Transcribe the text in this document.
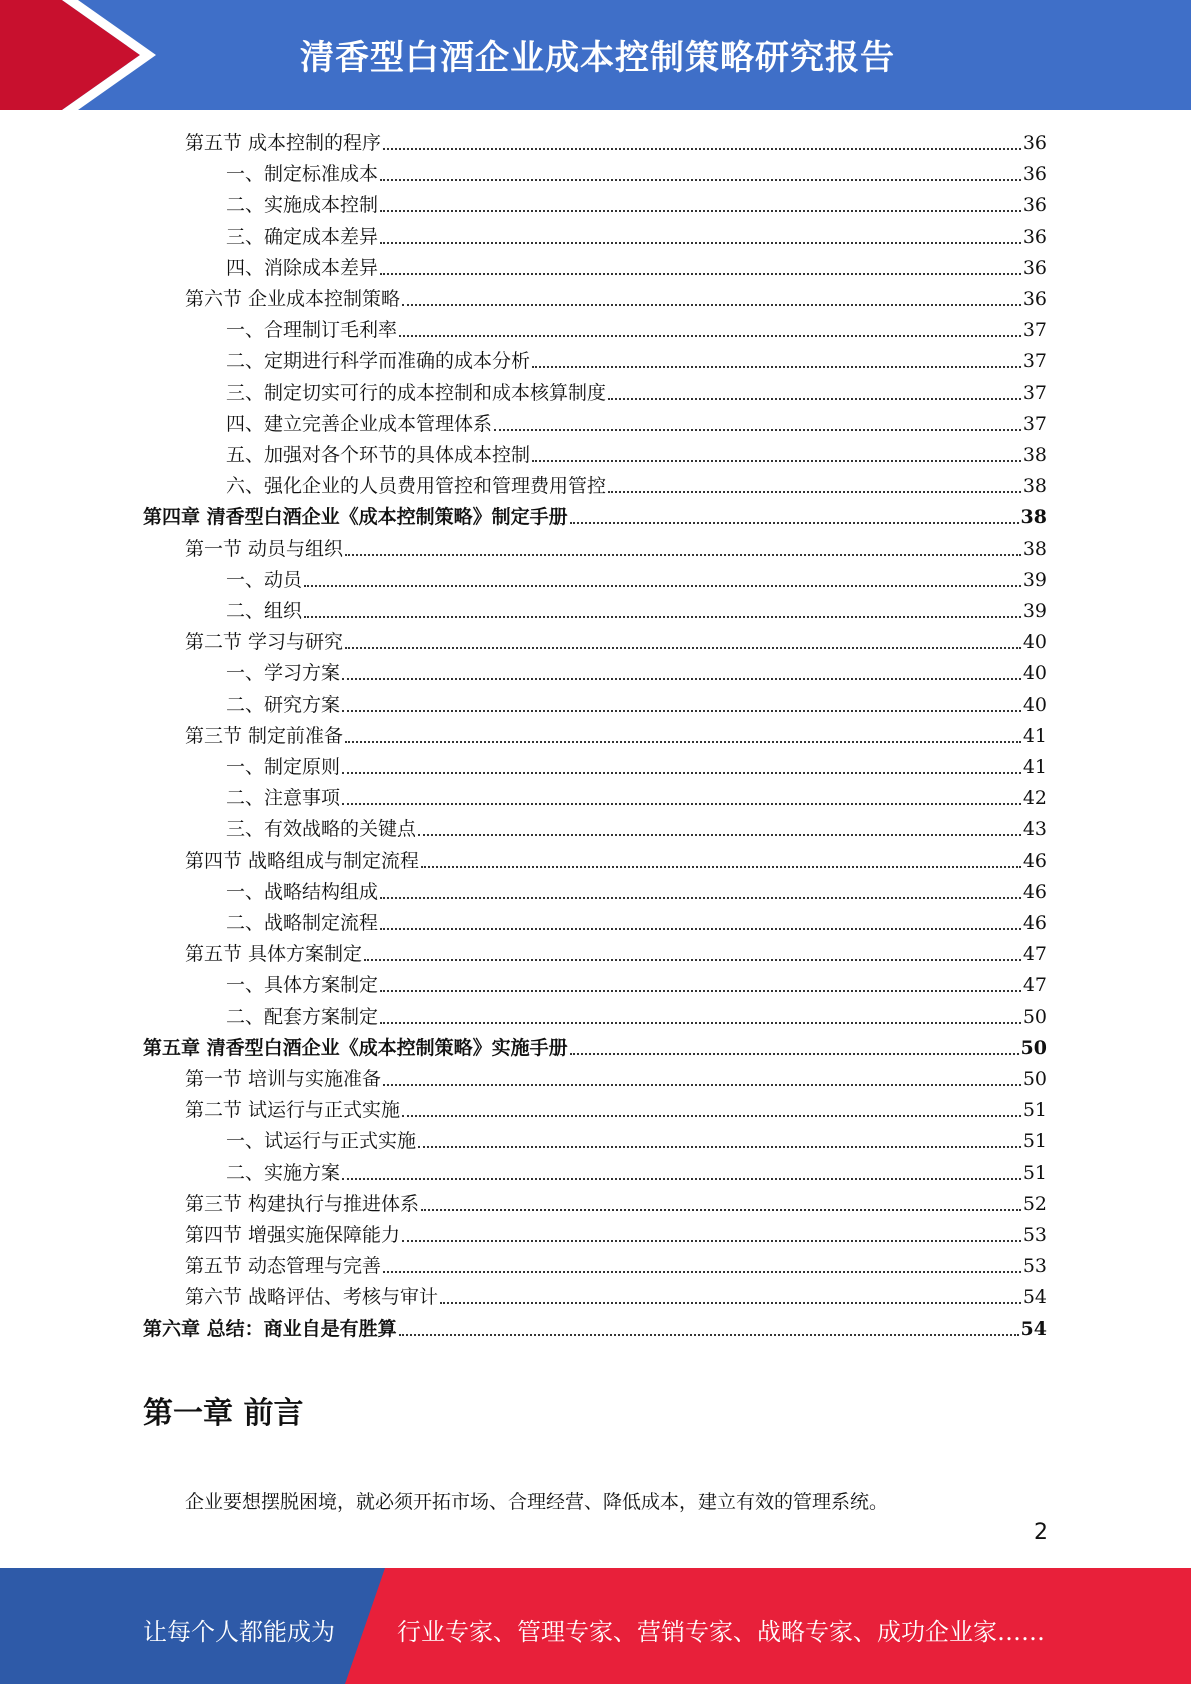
清香型白酒企业成本控制策略研究报告
第五节 成本控制的程序	36
一、制定标准成本	36
二、实施成本控制	36
三、确定成本差异	36
四、消除成本差异	36
第六节 企业成本控制策略	36
一、合理制订毛利率	37
二、定期进行科学而准确的成本分析	37
三、制定切实可行的成本控制和成本核算制度	37
四、建立完善企业成本管理体系	37
五、加强对各个环节的具体成本控制	38
六、强化企业的人员费用管控和管理费用管控	38
第四章 清香型白酒企业《成本控制策略》制定手册	38
第一节 动员与组织	38
一、动员	39
二、组织	39
第二节 学习与研究	40
一、学习方案	40
二、研究方案	40
第三节 制定前准备	41
一、制定原则	41
二、注意事项	42
三、有效战略的关键点	43
第四节 战略组成与制定流程	46
一、战略结构组成	46
二、战略制定流程	46
第五节 具体方案制定	47
一、具体方案制定	47
二、配套方案制定	50
第五章 清香型白酒企业《成本控制策略》实施手册	50
第一节 培训与实施准备	50
第二节 试运行与正式实施	51
一、试运行与正式实施	51
二、实施方案	51
第三节 构建执行与推进体系	52
第四节 增强实施保障能力	53
第五节 动态管理与完善	53
第六节 战略评估、考核与审计	54
第六章 总结：商业自是有胜算	54
第一章 前言
企业要想摆脱困境，就必须开拓市场、合理经营、降低成本，建立有效的管理系统。
2
让每个人都能成为	行业专家、管理专家、营销专家、战略专家、成功企业家……
